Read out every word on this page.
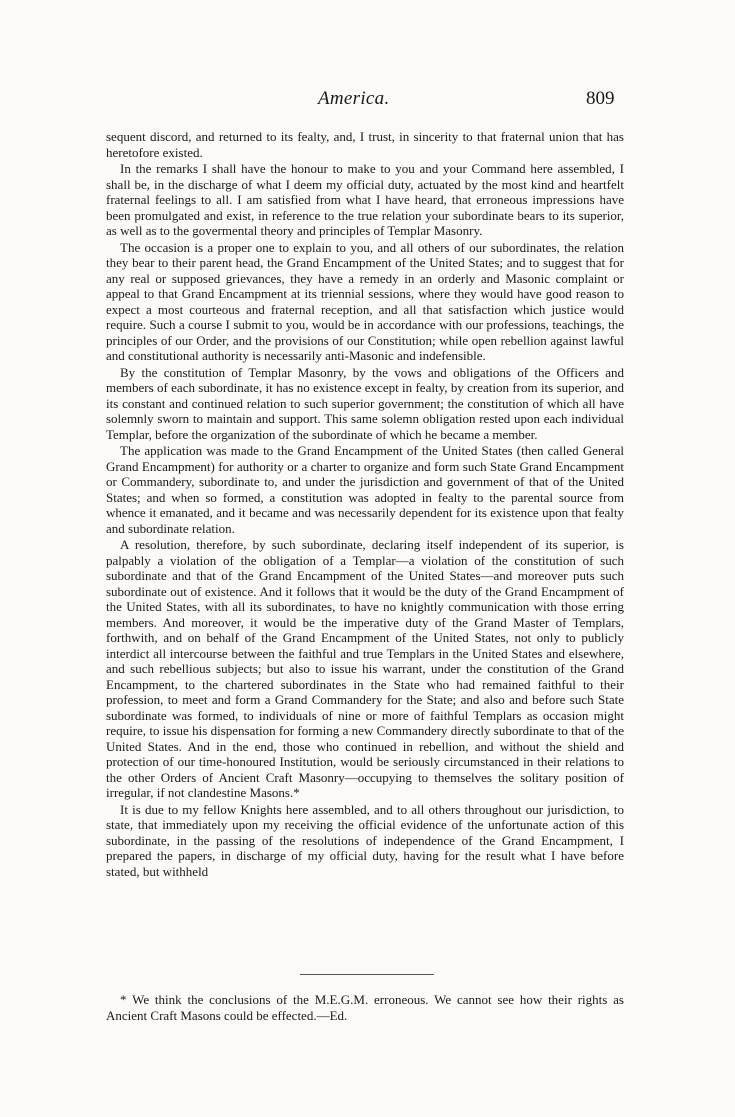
America.	809

sequent discord, and returned to its fealty, and, I trust, in sincerity to that fraternal union that has heretofore existed.

In the remarks I shall have the honour to make to you and your Command here assembled, I shall be, in the discharge of what I deem my official duty, actuated by the most kind and heartfelt fraternal feelings to all. I am satisfied from what I have heard, that erroneous impressions have been promulgated and exist, in reference to the true relation your subordinate bears to its superior, as well as to the govermental theory and principles of Templar Masonry.

The occasion is a proper one to explain to you, and all others of our subordinates, the relation they bear to their parent head, the Grand Encampment of the United States; and to suggest that for any real or supposed grievances, they have a remedy in an orderly and Masonic complaint or appeal to that Grand Encampment at its triennial sessions, where they would have good reason to expect a most courteous and fraternal reception, and all that satisfaction which justice would require. Such a course I submit to you, would be in accordance with our professions, teachings, the principles of our Order, and the provisions of our Constitution; while open rebellion against lawful and constitutional authority is necessarily anti-Masonic and indefensible.

By the constitution of Templar Masonry, by the vows and obligations of the Officers and members of each subordinate, it has no existence except in fealty, by creation from its superior, and its constant and continued relation to such superior government; the constitution of which all have solemnly sworn to maintain and support. This same solemn obligation rested upon each individual Templar, before the organization of the subordinate of which he became a member.

The application was made to the Grand Encampment of the United States (then called General Grand Encampment) for authority or a charter to organize and form such State Grand Encampment or Commandery, subordinate to, and under the jurisdiction and government of that of the United States; and when so formed, a constitution was adopted in fealty to the parental source from whence it emanated, and it became and was necessarily dependent for its existence upon that fealty and subordinate relation.

A resolution, therefore, by such subordinate, declaring itself independent of its superior, is palpably a violation of the obligation of a Templar—a violation of the constitution of such subordinate and that of the Grand Encampment of the United States—and moreover puts such subordinate out of existence. And it follows that it would be the duty of the Grand Encampment of the United States, with all its subordinates, to have no knightly communication with those erring members. And moreover, it would be the imperative duty of the Grand Master of Templars, forthwith, and on behalf of the Grand Encampment of the United States, not only to publicly interdict all intercourse between the faithful and true Templars in the United States and elsewhere, and such rebellious subjects; but also to issue his warrant, under the constitution of the Grand Encampment, to the chartered subordinates in the State who had remained faithful to their profession, to meet and form a Grand Commandery for the State; and also and before such State subordinate was formed, to individuals of nine or more of faithful Templars as occasion might require, to issue his dispensation for forming a new Commandery directly subordinate to that of the United States. And in the end, those who continued in rebellion, and without the shield and protection of our time-honoured Institution, would be seriously circumstanced in their relations to the other Orders of Ancient Craft Masonry—occupying to themselves the solitary position of irregular, if not clandestine Masons.*

It is due to my fellow Knights here assembled, and to all others throughout our jurisdiction, to state, that immediately upon my receiving the official evidence of the unfortunate action of this subordinate, in the passing of the resolutions of independence of the Grand Encampment, I prepared the papers, in discharge of my official duty, having for the result what I have before stated, but withheld

* We think the conclusions of the M.E.G.M. erroneous. We cannot see how their rights as Ancient Craft Masons could be effected.—Ed.
